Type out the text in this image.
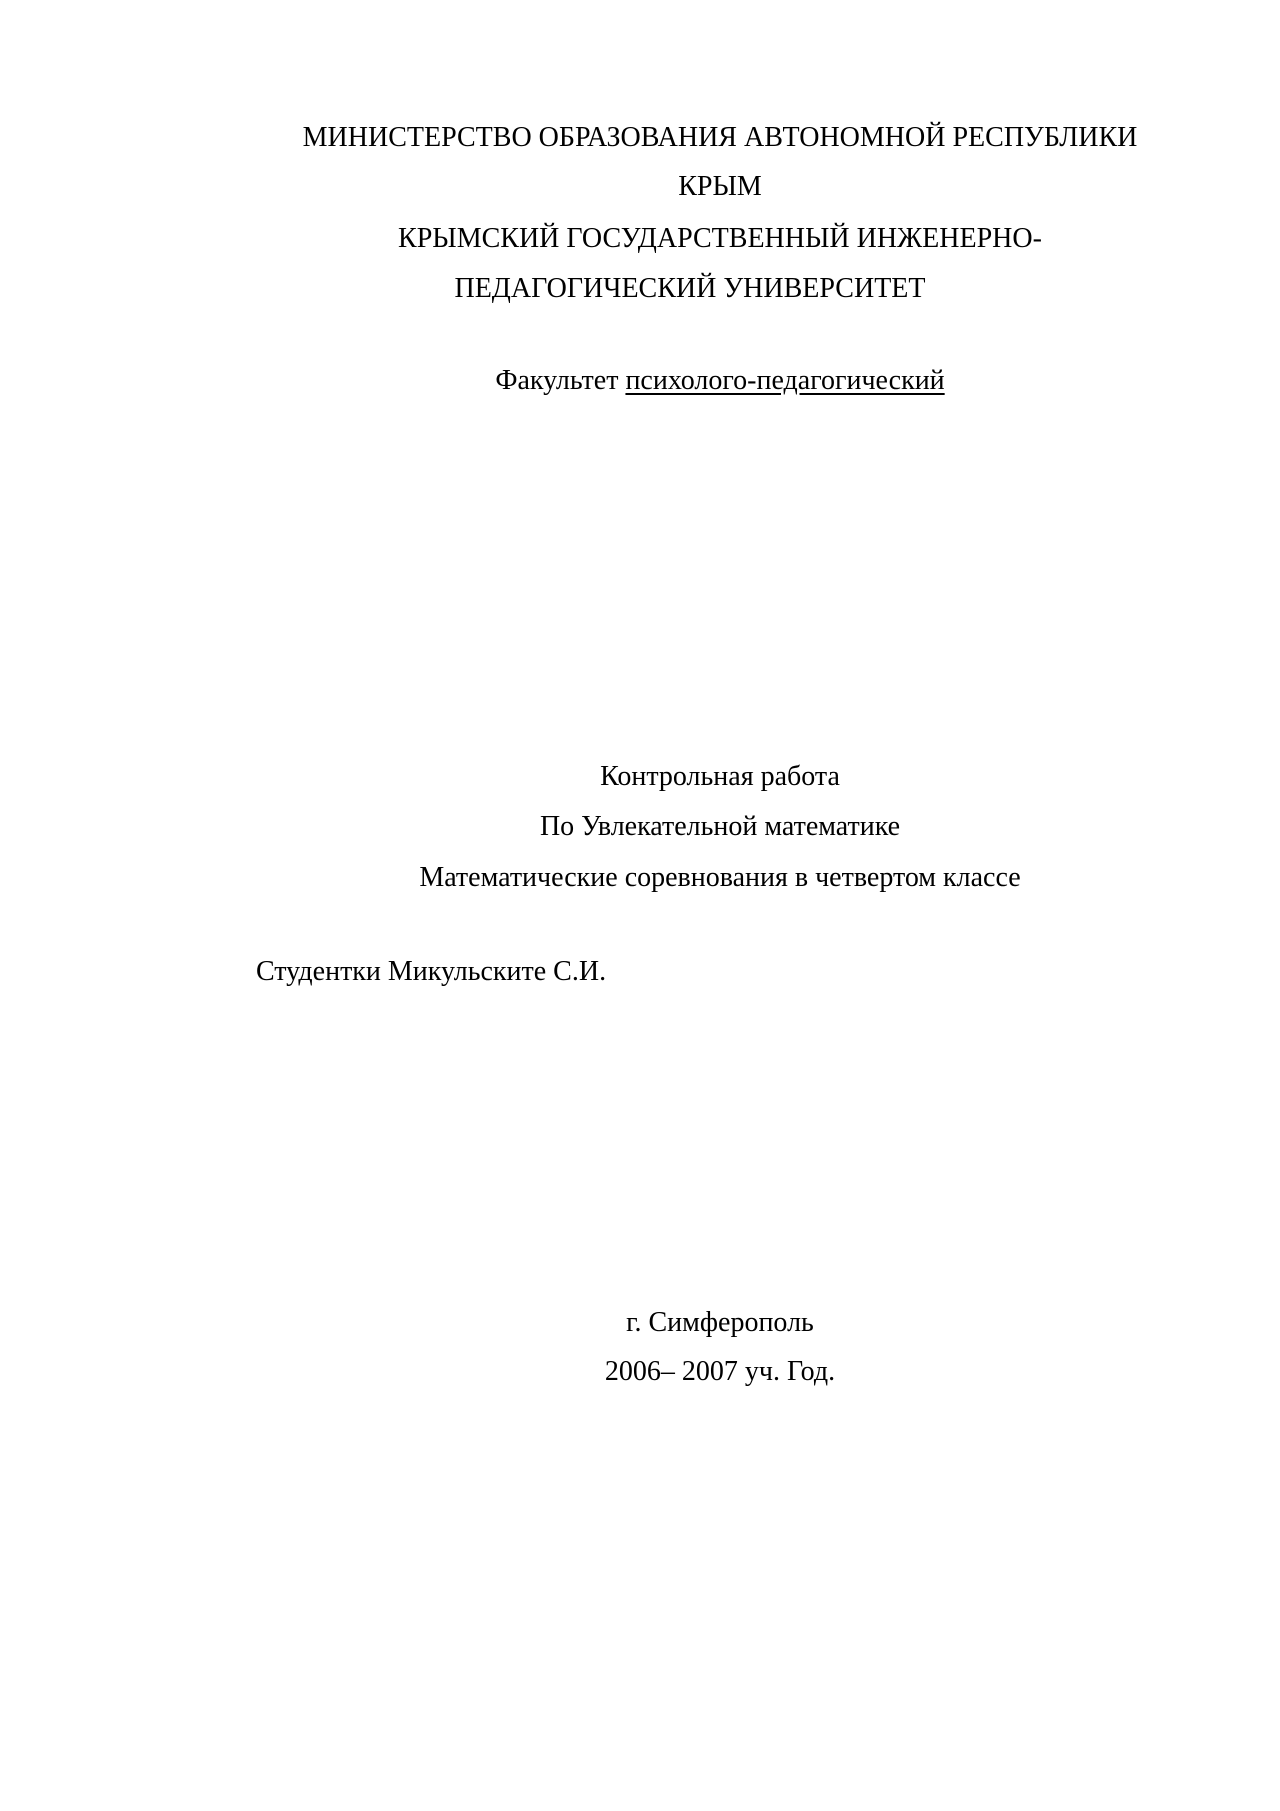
МИНИСТЕРСТВО ОБРАЗОВАНИЯ АВТОНОМНОЙ РЕСПУБЛИКИ
КРЫМ
КРЫМСКИЙ ГОСУДАРСТВЕННЫЙ ИНЖЕНЕРНО-
ПЕДАГОГИЧЕСКИЙ УНИВЕРСИТЕТ
Факультет психолого-педагогический
Контрольная работа
По Увлекательной математике
Математические соревнования в четвертом классе
Студентки Микульските С.И.
г. Симферополь
2006– 2007 уч. Год.
